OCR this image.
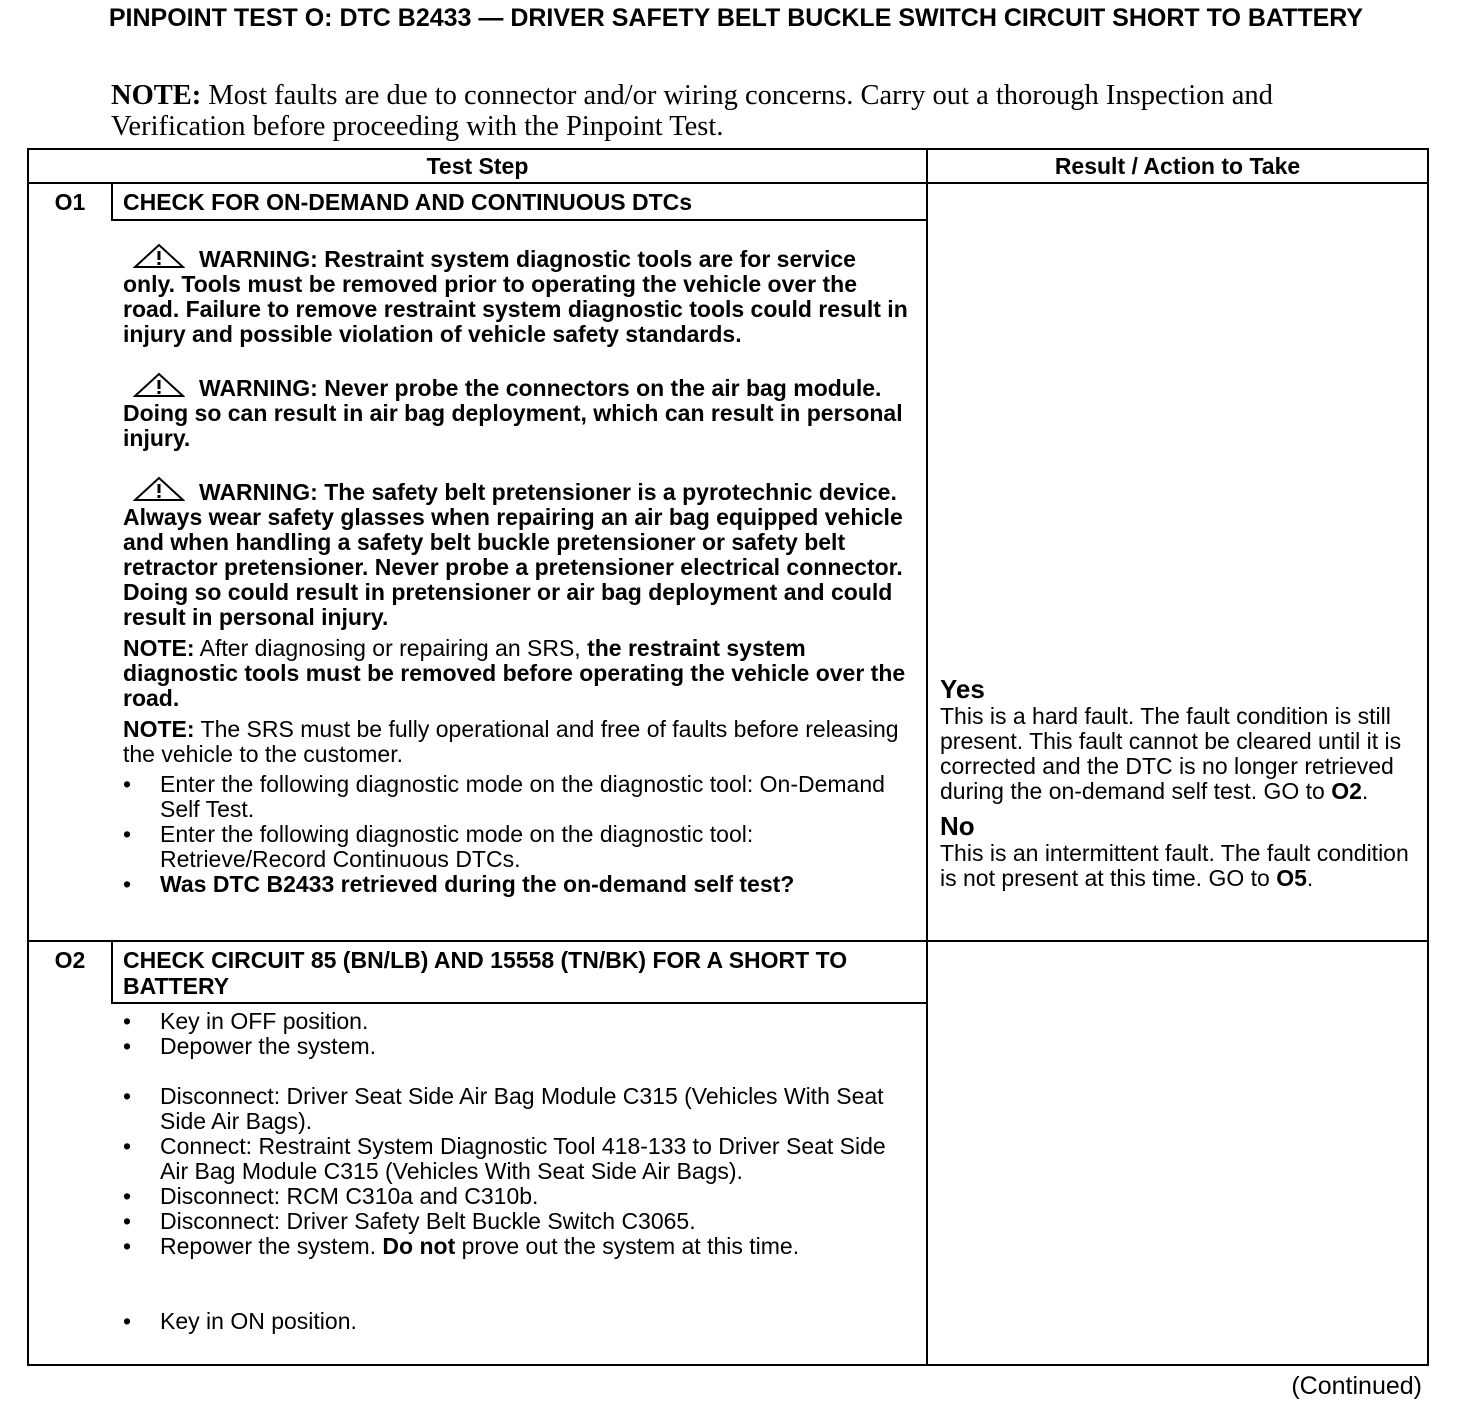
PINPOINT TEST O: DTC B2433 — DRIVER SAFETY BELT BUCKLE SWITCH CIRCUIT SHORT TO BATTERY
NOTE: Most faults are due to connector and/or wiring concerns. Carry out a thorough Inspection and Verification before proceeding with the Pinpoint Test.
Test Step	Result / Action to Take
O1	CHECK FOR ON-DEMAND AND CONTINUOUS DTCs
WARNING: Restraint system diagnostic tools are for service only. Tools must be removed prior to operating the vehicle over the road. Failure to remove restraint system diagnostic tools could result in injury and possible violation of vehicle safety standards.
WARNING: Never probe the connectors on the air bag module. Doing so can result in air bag deployment, which can result in personal injury.
WARNING: The safety belt pretensioner is a pyrotechnic device. Always wear safety glasses when repairing an air bag equipped vehicle and when handling a safety belt buckle pretensioner or safety belt retractor pretensioner. Never probe a pretensioner electrical connector. Doing so could result in pretensioner or air bag deployment and could result in personal injury.
NOTE: After diagnosing or repairing an SRS, the restraint system diagnostic tools must be removed before operating the vehicle over the road.
NOTE: The SRS must be fully operational and free of faults before releasing the vehicle to the customer.
•	Enter the following diagnostic mode on the diagnostic tool: On-Demand Self Test.
•	Enter the following diagnostic mode on the diagnostic tool: Retrieve/Record Continuous DTCs.
•	Was DTC B2433 retrieved during the on-demand self test?
Yes
This is a hard fault. The fault condition is still present. This fault cannot be cleared until it is corrected and the DTC is no longer retrieved during the on-demand self test. GO to O2.
No
This is an intermittent fault. The fault condition is not present at this time. GO to O5.
O2	CHECK CIRCUIT 85 (BN/LB) AND 15558 (TN/BK) FOR A SHORT TO BATTERY
•	Key in OFF position.
•	Depower the system.
•	Disconnect: Driver Seat Side Air Bag Module C315 (Vehicles With Seat Side Air Bags).
•	Connect: Restraint System Diagnostic Tool 418-133 to Driver Seat Side Air Bag Module C315 (Vehicles With Seat Side Air Bags).
•	Disconnect: RCM C310a and C310b.
•	Disconnect: Driver Safety Belt Buckle Switch C3065.
•	Repower the system. Do not prove out the system at this time.
•	Key in ON position.
(Continued)
